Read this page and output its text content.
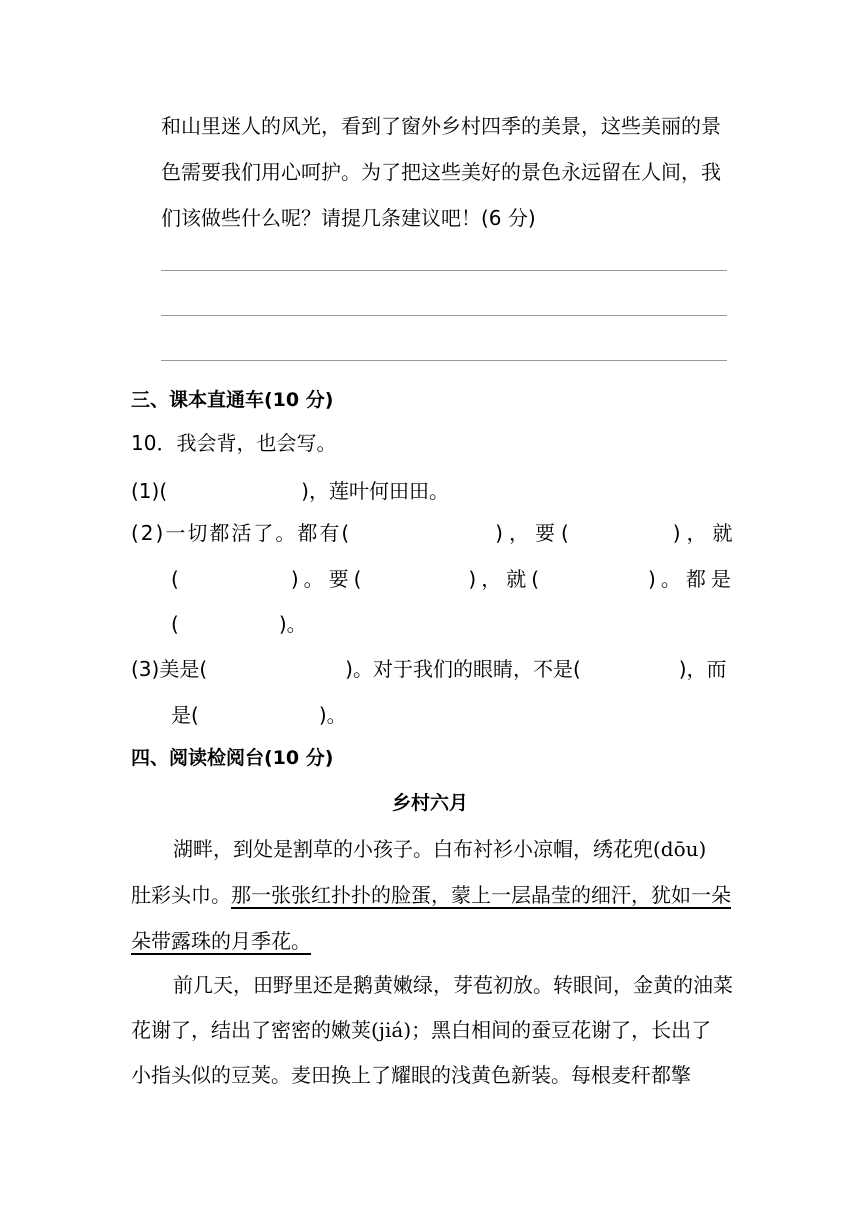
和山里迷人的风光，看到了窗外乡村四季的美景，这些美丽的景
色需要我们用心呵护。为了把这些美好的景色永远留在人间，我
们该做些什么呢？请提几条建议吧！(6 分)
三、课本直通车(10 分)
10．我会背，也会写。
(1)(	)，莲叶何田田。
(2)一切都活了。都有(	)，要(	)，就
(	)。要(	)，就(	)。都是
(	)。
(3)美是(	)。对于我们的眼睛，不是(	)，而
是(	)。
四、阅读检阅台(10 分)
乡村六月
湖畔，到处是割草的小孩子。白布衬衫小凉帽，绣花兜(dōu)
肚彩头巾。那一张张红扑扑的脸蛋，蒙上一层晶莹的细汗，犹如一朵
朵带露珠的月季花。
前几天，田野里还是鹅黄嫩绿，芽苞初放。转眼间，金黄的油菜
花谢了，结出了密密的嫩荚(jiá)；黑白相间的蚕豆花谢了，长出了
小指头似的豆荚。麦田换上了耀眼的浅黄色新装。每根麦秆都擎
